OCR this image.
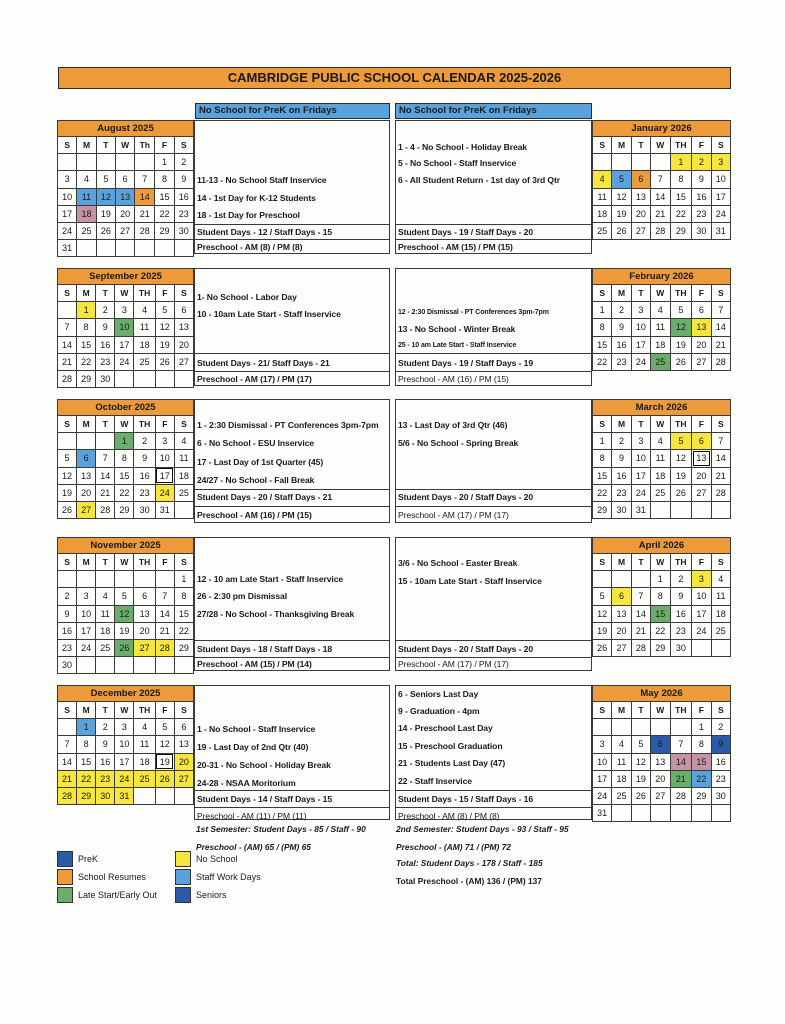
CAMBRIDGE PUBLIC SCHOOL CALENDAR 2025-2026
No School for PreK on Fridays	No School for PreK on Fridays
August 2025						
S	M	T	W	Th	F	S
					1	2
3	4	5	6	7	8	9
10	11	12	13	14	15	16
17	18	19	20	21	22	23
24	25	26	27	28	29	30
31						
September 2025						
S	M	T	W	TH	F	S
	1	2	3	4	5	6
7	8	9	10	11	12	13
14	15	16	17	18	19	20
21	22	23	24	25	26	27
28	29	30				
October 2025						
S	M	T	W	TH	F	S
			1	2	3	4
5	6	7	8	9	10	11
12	13	14	15	16	17	18
19	20	21	22	23	24	25
26	27	28	29	30	31	
November 2025						
S	M	T	W	TH	F	S
						1
2	3	4	5	6	7	8
9	10	11	12	13	14	15
16	17	18	19	20	21	22
23	24	25	26	27	28	29
30						
December 2025						
S	M	T	W	TH	F	S
	1	2	3	4	5	6
7	8	9	10	11	12	13
14	15	16	17	18	19	20
21	22	23	24	25	26	27
28	29	30	31			
January 2026						
S	M	T	W	TH	F	S
				1	2	3
4	5	6	7	8	9	10
11	12	13	14	15	16	17
18	19	20	21	22	23	24
25	26	27	28	29	30	31
February 2026						
S	M	T	W	TH	F	S
1	2	3	4	5	6	7
8	9	10	11	12	13	14
15	16	17	18	19	20	21
22	23	24	25	26	27	28
March 2026						
S	M	T	W	TH	F	S
1	2	3	4	5	6	7
8	9	10	11	12	13	14
15	16	17	18	19	20	21
22	23	24	25	26	27	28
29	30	31				
April 2026						
S	M	T	W	TH	F	S
			1	2	3	4
5	6	7	8	9	10	11
12	13	14	15	16	17	18
19	20	21	22	23	24	25
26	27	28	29	30		
May 2026						
S	M	T	W	TH	F	S
					1	2
3	4	5	6	7	8	9
10	11	12	13	14	15	16
17	18	19	20	21	22	23
24	25	26	27	28	29	30
31						
11-13 - No School Staff Inservice
14 - 1st Day for K-12 Students
18 - 1st Day for Preschool
Student Days - 12 / Staff Days - 15
Preschool - AM (8) / PM (8)
1- No School - Labor Day
10 - 10am Late Start - Staff Inservice
Student Days - 21/ Staff Days - 21
Preschool - AM (17) / PM (17)
1 - 2:30 Dismissal - PT Conferences 3pm-7pm
6 - No School - ESU Inservice
17 - Last Day of 1st Quarter (45)
24/27 - No School - Fall Break
Student Days - 20 / Staff Days - 21
Preschool - AM (16) / PM (15)
12 - 10 am Late Start - Staff Inservice
26 - 2:30 pm Dismissal
27/28 - No School - Thanksgiving Break
Student Days - 18 / Staff Days - 18
Preschool - AM (15) / PM (14)
1 - No School - Staff Inservice
19 - Last Day of 2nd Qtr (40)
20-31 - No School - Holiday Break
24-28 - NSAA Moritorium
Student Days - 14 / Staff Days - 15
Preschool - AM (11) / PM (11)
1 - 4 - No School - Holiday Break
5 - No School - Staff Inservice
6 - All Student Return - 1st day of 3rd Qtr
Student Days - 19 / Staff Days - 20
Preschool - AM (15) / PM (15)
12 - 2:30 Dismissal - PT Conferences 3pm-7pm
13 - No School - Winter Break
25 - 10 am Late Start - Staff Inservice
Student Days - 19 / Staff Days - 19
Preschool - AM (16) / PM (15)
13 - Last Day of 3rd Qtr (46)
5/6 - No School - Spring Break
Student Days - 20 / Staff Days - 20
Preschool - AM (17) / PM (17)
3/6 - No School - Easter Break
15 - 10am Late Start - Staff Inservice
Student Days - 20 / Staff Days - 20
Preschool - AM (17) / PM (17)
6 - Seniors Last Day
9 - Graduation - 4pm
14 - Preschool Last Day
15 - Preschool Graduation
21 - Students Last Day (47)
22 - Staff Inservice
Student Days - 15 / Staff Days - 16
Preschool - AM (8) / PM (8)
1st Semester: Student Days - 85 / Staff - 90
Preschool - (AM) 65 / (PM) 65
2nd Semester: Student Days - 93 / Staff - 95
Preschool - (AM) 71 / (PM) 72
Total: Student Days - 178 / Staff - 185
Total Preschool - (AM) 136 / (PM) 137
PreK
School Resumes
Late Start/Early Out
No School
Staff Work Days
Seniors
